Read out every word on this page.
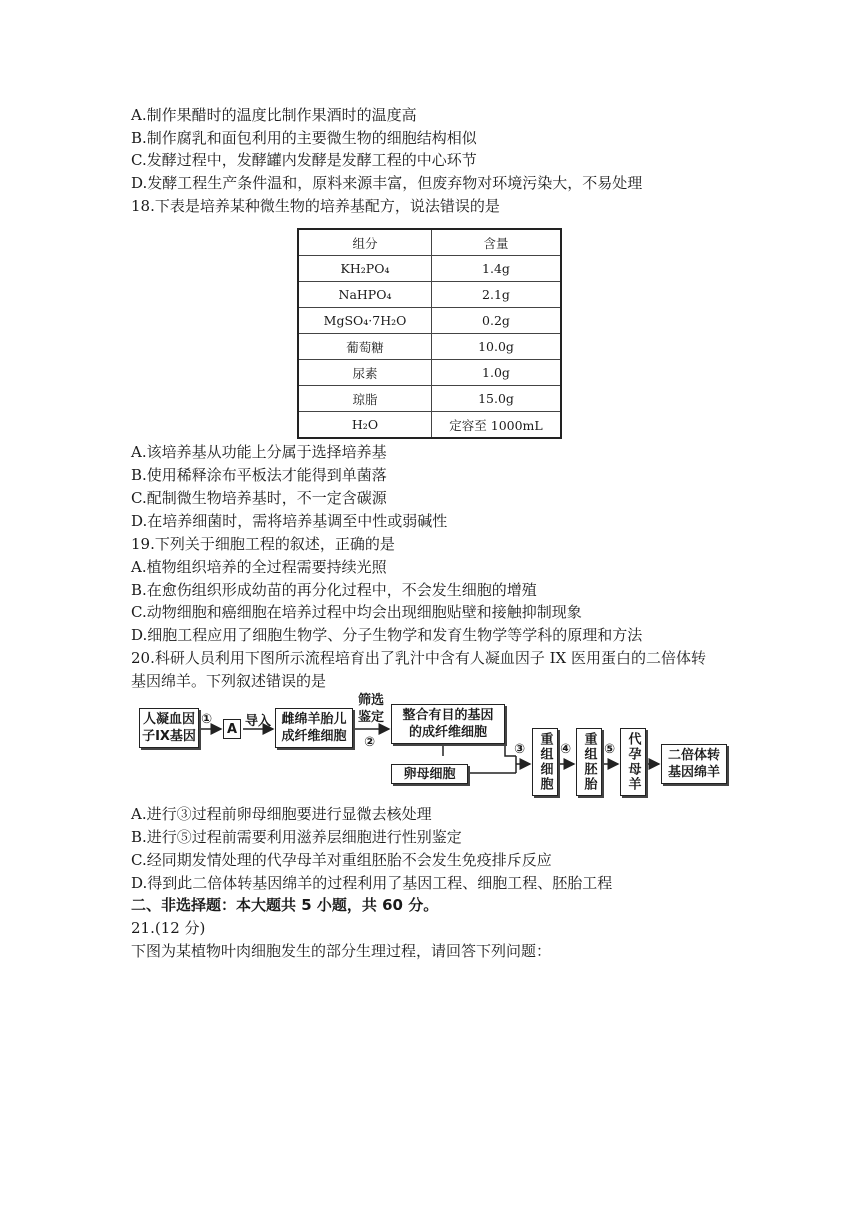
A.制作果醋时的温度比制作果酒时的温度高
B.制作腐乳和面包利用的主要微生物的细胞结构相似
C.发酵过程中，发酵罐内发酵是发酵工程的中心环节
D.发酵工程生产条件温和，原料来源丰富，但废弃物对环境污染大，不易处理
18.下表是培养某种微生物的培养基配方，说法错误的是
组分	含量
KH₂PO₄	1.4g
NaHPO₄	2.1g
MgSO₄·7H₂O	0.2g
葡萄糖	10.0g
尿素	1.0g
琼脂	15.0g
H₂O	定容至 1000mL
A.该培养基从功能上分属于选择培养基
B.使用稀释涂布平板法才能得到单菌落
C.配制微生物培养基时，不一定含碳源
D.在培养细菌时，需将培养基调至中性或弱碱性
19.下列关于细胞工程的叙述，正确的是
A.植物组织培养的全过程需要持续光照
B.在愈伤组织形成幼苗的再分化过程中，不会发生细胞的增殖
C.动物细胞和癌细胞在培养过程中均会出现细胞贴壁和接触抑制现象
D.细胞工程应用了细胞生物学、分子生物学和发育生物学等学科的原理和方法
20.科研人员利用下图所示流程培育出了乳汁中含有人凝血因子 IX 医用蛋白的二倍体转
基因绵羊。下列叙述错误的是
人凝血因
子IX基因
①
A 导入 雌绵羊胎儿
成纤维细胞
筛选
鉴定
②
整合有目的基因
的成纤维细胞
卵母细胞
③ 重组细胞 ④ 重组胚胎 ⑤ 代孕母羊	二倍体转
基因绵羊
A.进行③过程前卵母细胞要进行显微去核处理
B.进行⑤过程前需要利用滋养层细胞进行性别鉴定
C.经同期发情处理的代孕母羊对重组胚胎不会发生免疫排斥反应
D.得到此二倍体转基因绵羊的过程利用了基因工程、细胞工程、胚胎工程
二、非选择题：本大题共 5 小题，共 60 分。
21.(12 分)
下图为某植物叶肉细胞发生的部分生理过程，请回答下列问题：
